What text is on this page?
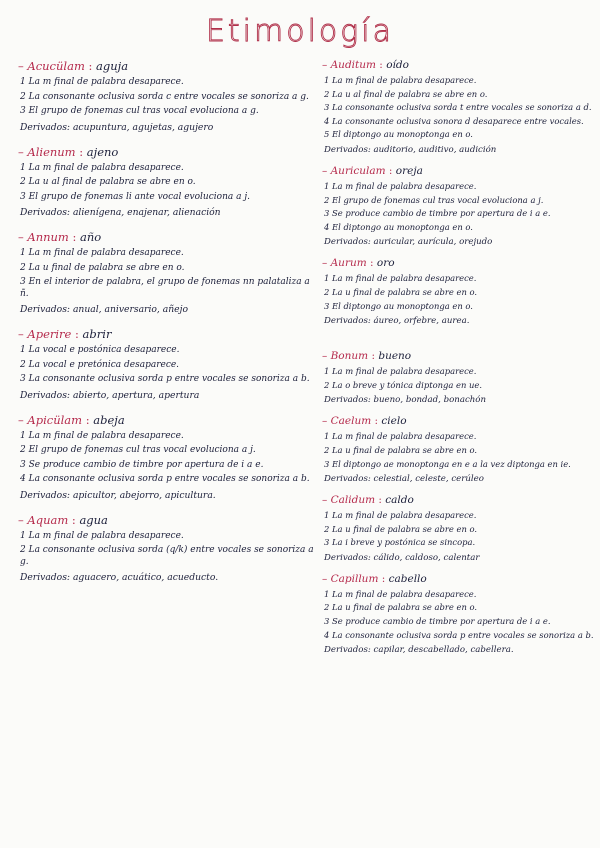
Etimología
– Acucülam : aguja
1 La m final de palabra desaparece.
2 La consonante oclusiva sorda c entre vocales se sonoriza a g.
3 El grupo de fonemas cul tras vocal evoluciona a g.
Derivados: acupuntura, agujetas, agujero
– Alienum : ajeno
1 La m final de palabra desaparece.
2 La u al final de palabra se abre en o.
3 El grupo de fonemas li ante vocal evoluciona a j.
Derivados: alienígena, enajenar, alienación
– Annum : año
1 La m final de palabra desaparece.
2 La u final de palabra se abre en o.
3 En el interior de palabra, el grupo de fonemas nn palataliza a ñ.
Derivados: anual, aniversario, añejo
– Aperire : abrir
1 La vocal e postónica desaparece.
2 La vocal e pretónica desaparece.
3 La consonante oclusiva sorda p entre vocales se sonoriza a b.
Derivados: abierto, apertura, apertura
– Apicülam : abeja
1 La m final de palabra desaparece.
2 El grupo de fonemas cul tras vocal evoluciona a j.
3 Se produce cambio de timbre por apertura de i a e.
4 La consonante oclusiva sorda p entre vocales se sonoriza a b.
Derivados: apicultor, abejorro, apicultura.
– Aquam : agua
1 La m final de palabra desaparece.
2 La consonante oclusiva sorda (q/k) entre vocales se sonoriza a g.
Derivados: aguacero, acuático, acueducto.
– Auditum : oído
1 La m final de palabra desaparece.
2 La u al final de palabra se abre en o.
3 La consonante oclusiva sorda t entre vocales se sonoriza a d.
4 La consonante oclusiva sonora d desaparece entre vocales.
5 El diptongo au monoptonga en o.
Derivados: auditorio, auditivo, audición
– Auriculam : oreja
1 La m final de palabra desaparece.
2 El grupo de fonemas cul tras vocal evoluciona a j.
3 Se produce cambio de timbre por apertura de i a e.
4 El diptongo au monoptonga en o.
Derivados: auricular, aurícula, orejudo
– Aurum : oro
1 La m final de palabra desaparece.
2 La u final de palabra se abre en o.
3 El diptongo au monoptonga en o.
Derivados: áureo, orfebre, aurea.
– Bonum : bueno
1 La m final de palabra desaparece.
2 La o breve y tónica diptonga en ue.
Derivados: bueno, bondad, bonachón
– Caelum : cielo
1 La m final de palabra desaparece.
2 La u final de palabra se abre en o.
3 El diptongo ae monoptonga en e a la vez diptonga en ie.
Derivados: celestial, celeste, cerúleo
– Calidum : caldo
1 La m final de palabra desaparece.
2 La u final de palabra se abre en o.
3 La i breve y postónica se sincopa.
Derivados: cálido, caldoso, calentar
– Capillum : cabello
1 La m final de palabra desaparece.
2 La u final de palabra se abre en o.
3 Se produce cambio de timbre por apertura de i a e.
4 La consonante oclusiva sorda p entre vocales se sonoriza a b.
Derivados: capilar, descabellado, cabellera.
